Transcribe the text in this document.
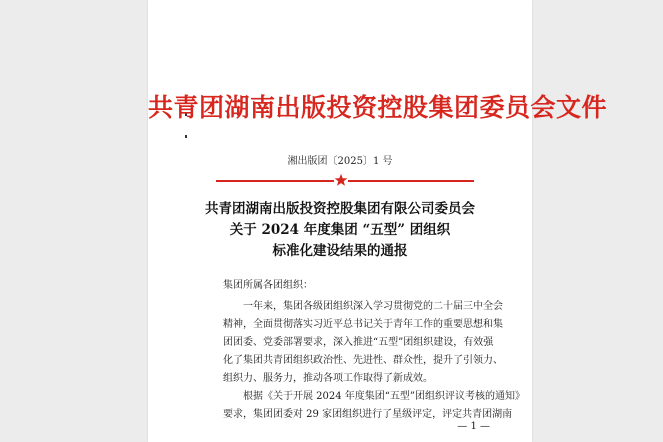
共青团湖南出版投资控股集团委员会文件
湘出版团〔2025〕1 号
共青团湖南出版投资控股集团有限公司委员会
关于 2024 年度集团 “五型” 团组织
标准化建设结果的通报
集团所属各团组织：
一年来，集团各级团组织深入学习贯彻党的二十届三中全会
精神，全面贯彻落实习近平总书记关于青年工作的重要思想和集
团团委、党委部署要求，深入推进“五型”团组织建设，有效强
化了集团共青团组织政治性、先进性、群众性，提升了引领力、
组织力、服务力，推动各项工作取得了新成效。
根据《关于开展 2024 年度集团“五型”团组织评议考核的通知》
要求，集团团委对 29 家团组织进行了星级评定，评定共青团湖南
— 1 —
